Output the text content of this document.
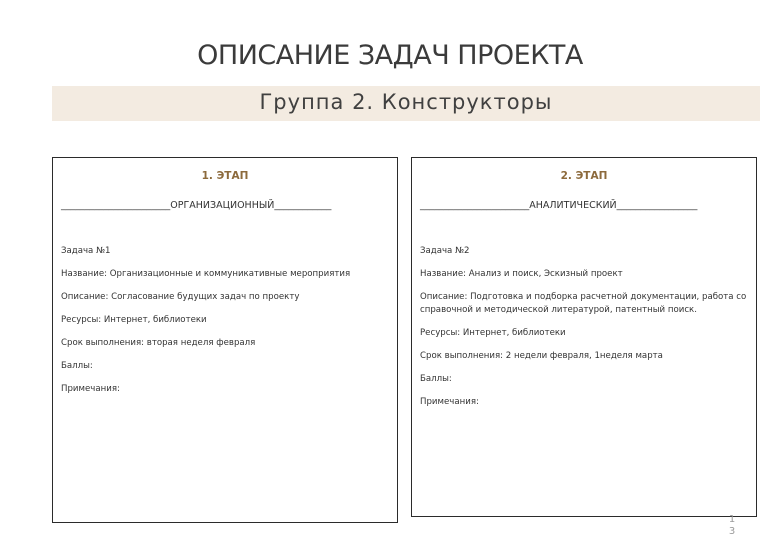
ОПИСАНИЕ ЗАДАЧ ПРОЕКТА
Группа 2. Конструкторы
1. ЭТАП
_______________________ОРГАНИЗАЦИОННЫЙ____________
Задача №1
Название: Организационные и коммуникативные мероприятия
Описание: Согласование будущих задач по проекту
Ресурсы: Интернет, библиотеки
Срок выполнения: вторая неделя февраля
Баллы:
Примечания:
2. ЭТАП
_______________________АНАЛИТИЧЕСКИЙ_________________
Задача №2
Название: Анализ и поиск, Эскизный проект
Описание: Подготовка и подборка расчетной документации, работа со справочной и методической литературой, патентный поиск.
Ресурсы: Интернет, библиотеки
Срок выполнения: 2 недели февраля, 1неделя марта
Баллы:
Примечания:
1
3
